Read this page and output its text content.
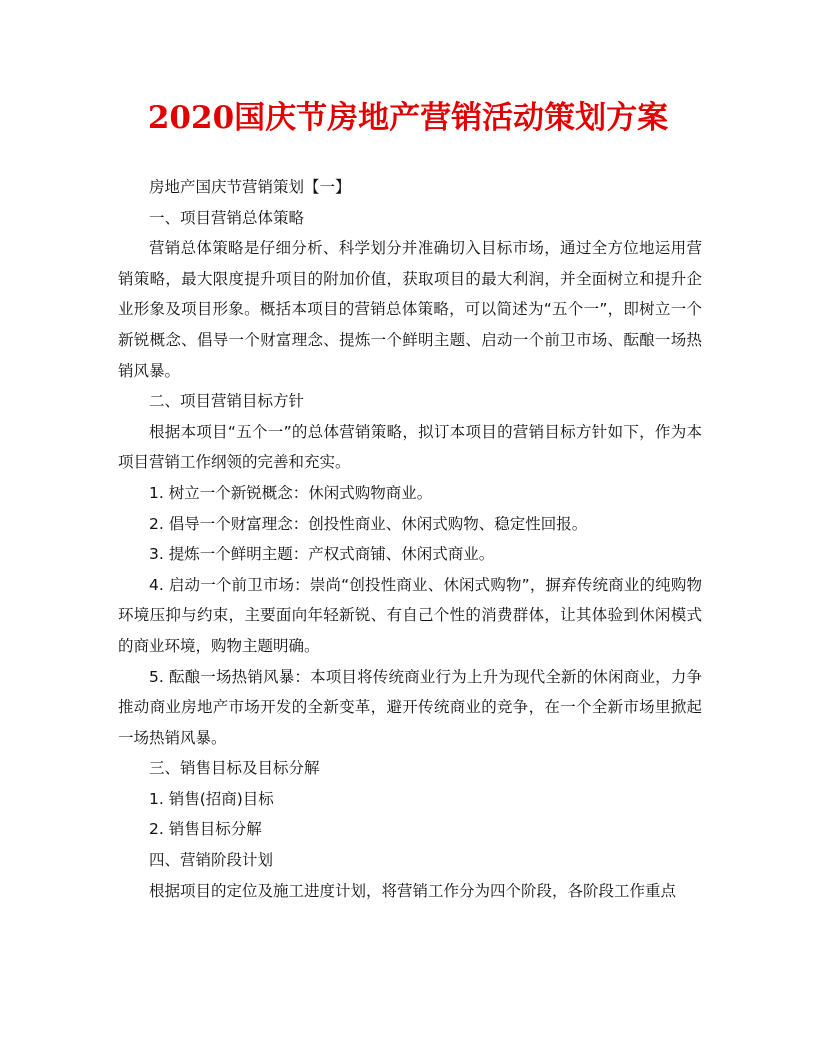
2020国庆节房地产营销活动策划方案

房地产国庆节营销策划【一】

一、项目营销总体策略

营销总体策略是仔细分析、科学划分并准确切入目标市场，通过全方位地运用营销策略，最大限度提升项目的附加价值，获取项目的最大利润，并全面树立和提升企业形象及项目形象。概括本项目的营销总体策略，可以简述为“五个一”，即树立一个新锐概念、倡导一个财富理念、提炼一个鲜明主题、启动一个前卫市场、酝酿一场热销风暴。

二、项目营销目标方针

根据本项目“五个一”的总体营销策略，拟订本项目的营销目标方针如下，作为本项目营销工作纲领的完善和充实。

1. 树立一个新锐概念：休闲式购物商业。

2. 倡导一个财富理念：创投性商业、休闲式购物、稳定性回报。

3. 提炼一个鲜明主题：产权式商铺、休闲式商业。

4. 启动一个前卫市场：崇尚“创投性商业、休闲式购物”，摒弃传统商业的纯购物环境压抑与约束，主要面向年轻新锐、有自己个性的消费群体，让其体验到休闲模式的商业环境，购物主题明确。

5. 酝酿一场热销风暴：本项目将传统商业行为上升为现代全新的休闲商业，力争推动商业房地产市场开发的全新变革，避开传统商业的竞争，在一个全新市场里掀起一场热销风暴。

三、销售目标及目标分解

1. 销售(招商)目标

2. 销售目标分解

四、营销阶段计划

根据项目的定位及施工进度计划，将营销工作分为四个阶段，各阶段工作重点
